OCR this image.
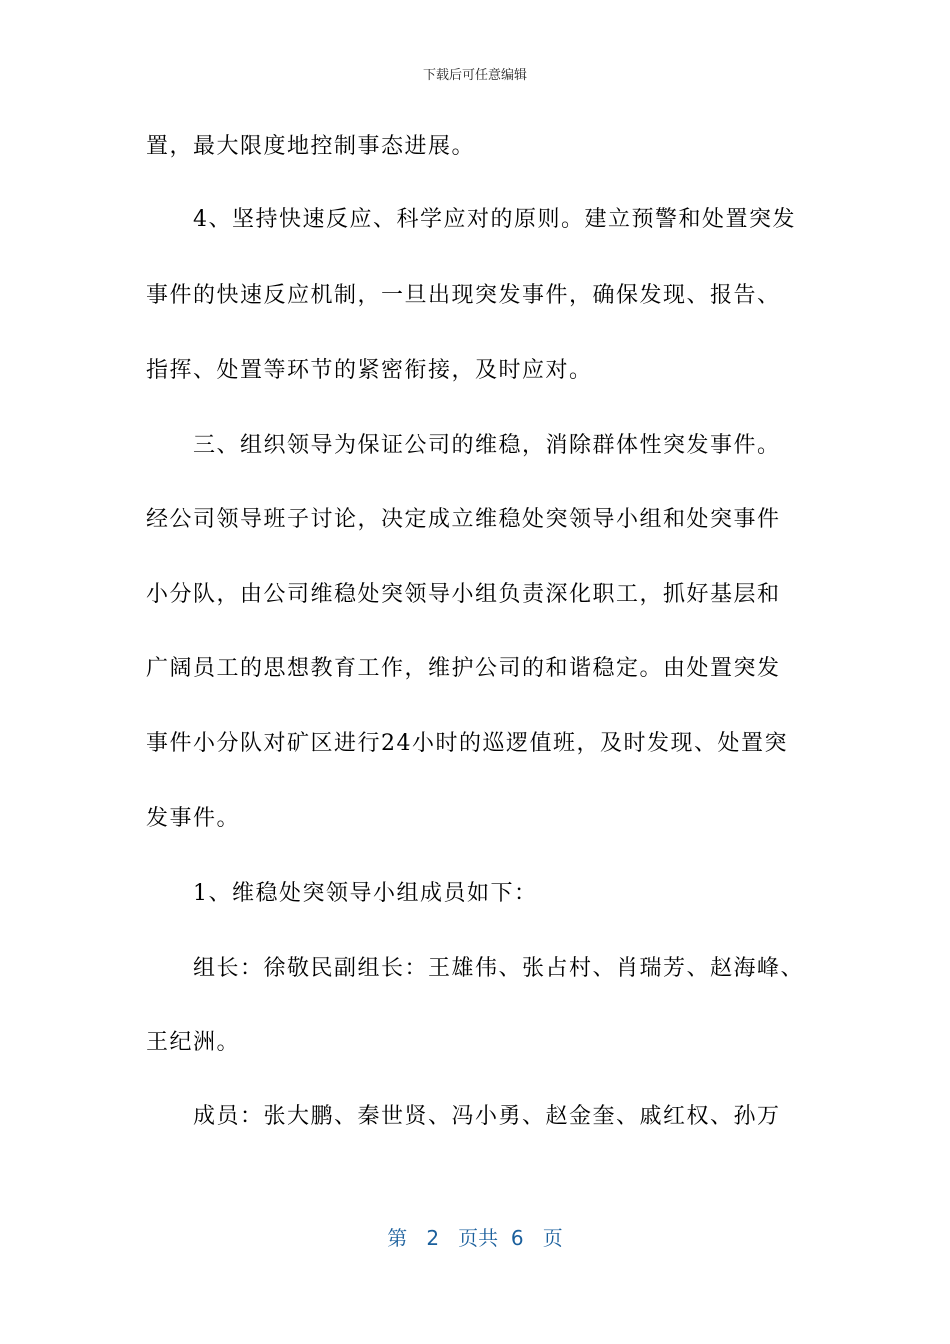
下载后可任意编辑
置，最大限度地控制事态进展。
4、坚持快速反应、科学应对的原则。建立预警和处置突发
事件的快速反应机制，一旦出现突发事件，确保发现、报告、
指挥、处置等环节的紧密衔接，及时应对。
三、组织领导为保证公司的维稳，消除群体性突发事件。
经公司领导班子讨论，决定成立维稳处突领导小组和处突事件
小分队，由公司维稳处突领导小组负责深化职工，抓好基层和
广阔员工的思想教育工作，维护公司的和谐稳定。由处置突发
事件小分队对矿区进行24小时的巡逻值班，及时发现、处置突
发事件。
1、维稳处突领导小组成员如下：
组长：徐敬民副组长：王雄伟、张占村、肖瑞芳、赵海峰、
王纪洲。
成员：张大鹏、秦世贤、冯小勇、赵金奎、戚红权、孙万
第 2 页共 6 页
